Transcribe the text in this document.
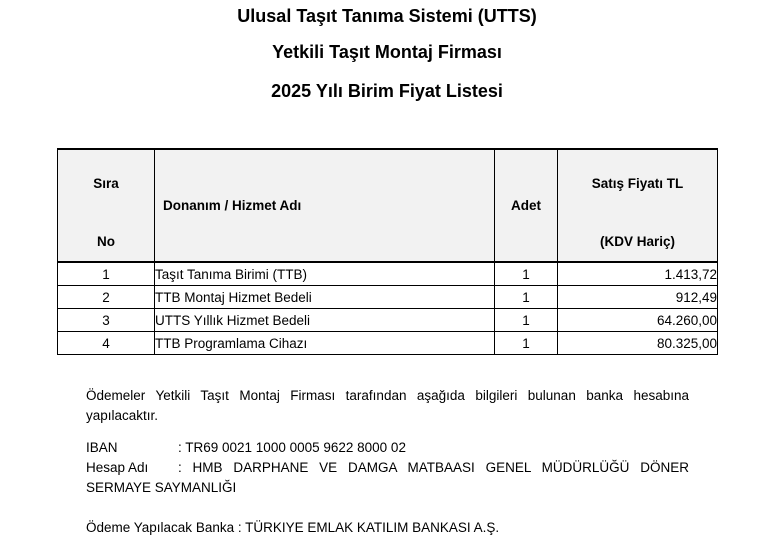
Ulusal Taşıt Tanıma Sistemi (UTTS)
Yetkili Taşıt Montaj Firması
2025 Yılı Birim Fiyat Listesi
Sıra
No	Donanım / Hizmet Adı	Adet	Satış Fiyatı TL
(KDV Hariç)

1	Taşıt Tanıma Birimi (TTB)	1	1.413,72
2	TTB Montaj Hizmet Bedeli	1	912,49
3	UTTS Yıllık Hizmet Bedeli	1	64.260,00
4	TTB Programlama Cihazı	1	80.325,00

Ödemeler Yetkili Taşıt Montaj Firması tarafından aşağıda bilgileri bulunan banka hesabına yapılacaktır.

IBAN	: TR69 0021 1000 0005 9622 8000 02
Hesap Adı : HMB DARPHANE VE DAMGA MATBAASI GENEL MÜDÜRLÜĞÜ DÖNER
SERMAYE SAYMANLIĞI
Ödeme Yapılacak Banka : TÜRKIYE EMLAK KATILIM BANKASI A.Ş.
